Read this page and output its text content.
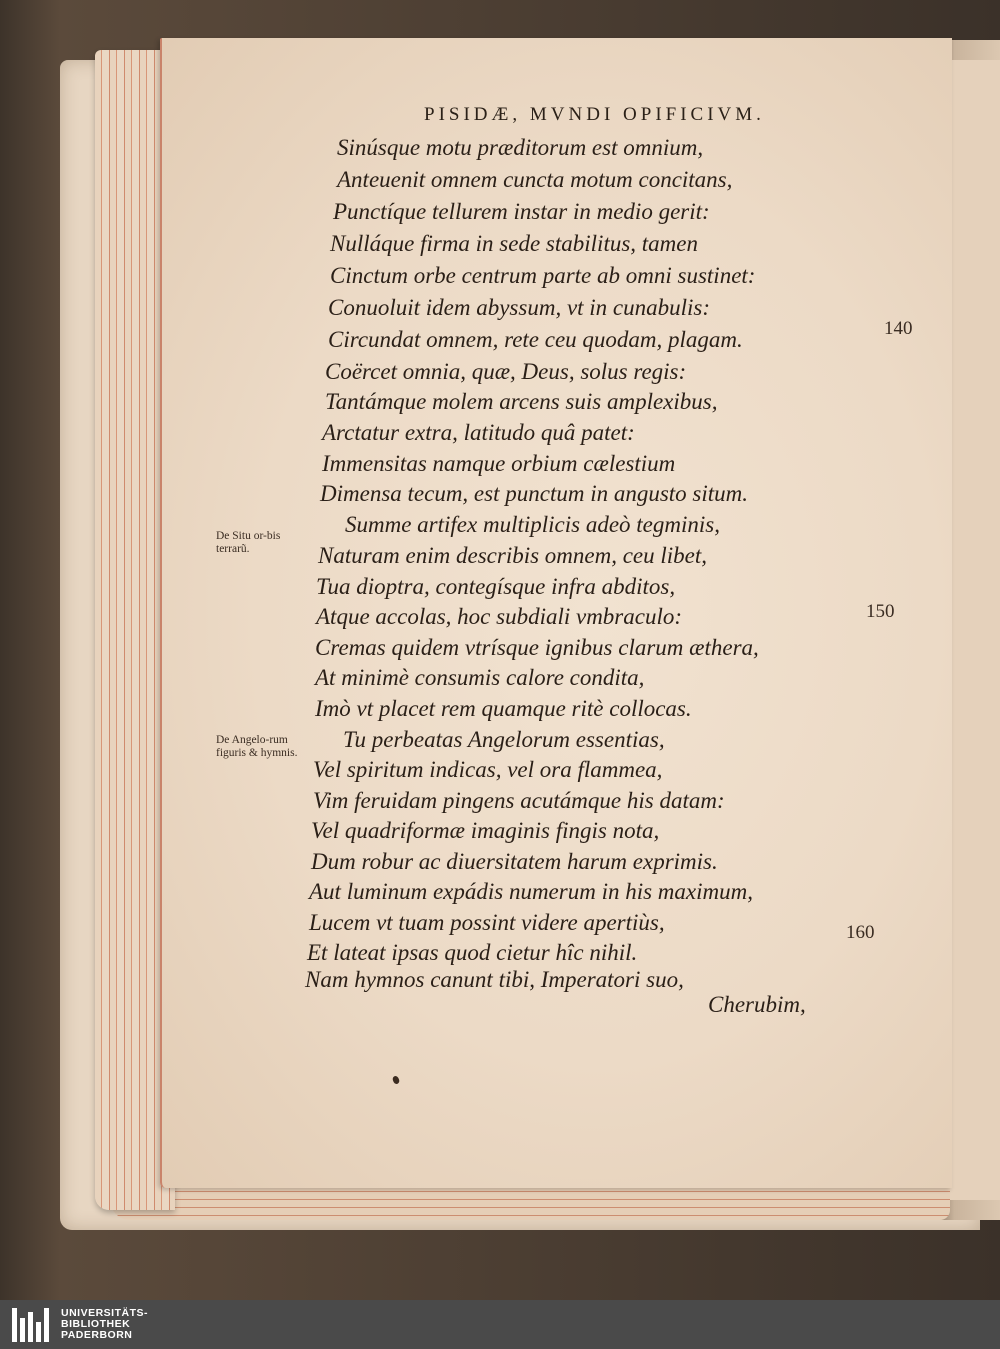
PISIDÆ, MVNDI OPIFICIVM.
Sinúsque motu præditorum est omnium,
Anteuenit omnem cuncta motum concitans,
Punctíque tellurem instar in medio gerit:
Nulláque firma in sede stabilitus, tamen
Cinctum orbe centrum parte ab omni sustinet:
Conuoluit idem abyssum, vt in cunabulis:
Circundat omnem, rete ceu quodam, plagam.
Coërcet omnia, quæ, Deus, solus regis:
Tantámque molem arcens suis amplexibus,
Arctatur extra, latitudo quâ patet:
Immensitas namque orbium cælestium
Dimensa tecum, est punctum in angusto situm.
Summe artifex multiplicis adeò tegminis,
Naturam enim describis omnem, ceu libet,
Tua dioptra, contegísque infra abditos,
Atque accolas, hoc subdiali vmbraculo:
Cremas quidem vtrísque ignibus clarum æthera,
At minimè consumis calore condita,
Imò vt placet rem quamque ritè collocas.
Tu perbeatas Angelorum essentias,
Vel spiritum indicas, vel ora flammea,
Vim feruidam pingens acutámque his datam:
Vel quadriformæ imaginis fingis nota,
Dum robur ac diuersitatem harum exprimis.
Aut luminum expádis numerum in his maximum,
Lucem vt tuam possint videre apertiùs,
Et lateat ipsas quod cietur hîc nihil.
Nam hymnos canunt tibi, Imperatori suo,
140
150
160
De Situ or-bis terrarũ.
De Angelo-rum figuris & hymnis.
Cherubim,
UNIVERSITÄTS-
BIBLIOTHEK
PADERBORN
